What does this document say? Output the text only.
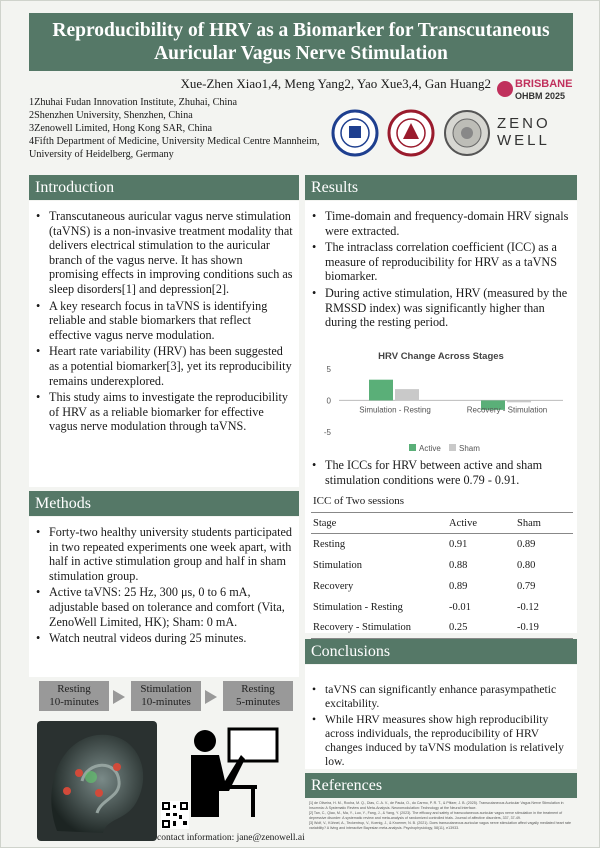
Reproducibility of HRV as a Biomarker for Transcutaneous Auricular Vagus Nerve Stimulation
Xue-Zhen Xiao1,4, Meng Yang2, Yao Xue3,4, Gan Huang2
1Zhuhai Fudan Innovation Institute, Zhuhai, China
2Shenzhen University, Shenzhen, China
3Zenowell Limited, Hong Kong SAR, China
4Fifth Department of Medicine, University Medical Centre Mannheim, University of Heidelberg, Germany
BRISBANE
OHBM 2025
ZENO
WELL
Introduction
• Transcutaneous auricular vagus nerve stimulation (taVNS) is a non-invasive treatment modality that delivers electrical stimulation to the auricular branch of the vagus nerve. It has shown promising effects in improving conditions such as sleep disorders[1] and depression[2].
• A key research focus in taVNS is identifying reliable and stable biomarkers that reflect effective vagus nerve modulation.
• Heart rate variability (HRV) has been suggested as a potential biomarker[3], yet its reproducibility remains underexplored.
• This study aims to investigate the reproducibility of HRV as a reliable biomarker for effective vagus nerve modulation through taVNS.
Methods
• Forty-two healthy university students participated in two repeated experiments one week apart, with half in active stimulation group and half in sham stimulation group.
• Active taVNS: 25 Hz, 300 μs, 0 to 6 mA, adjustable based on tolerance and comfort (Vita, ZenoWell Limited, HK); Sham: 0 mA.
• Watch neutral videos during 25 minutes.
Resting
10-minutes
Stimulation
10-minutes
Resting
5-minutes
contact information: jane@zenowell.ai
Results
• Time-domain and frequency-domain HRV signals were extracted.
• The intraclass correlation coefficient (ICC) as a measure of reproducibility for HRV as a taVNS biomarker.
• During active stimulation, HRV (measured by the RMSSD index) was significantly higher than during the resting period.
HRV Change Across Stages
5
0
-5
Simulation - Resting	Recovery - Stimulation
Active Sham
• The ICCs for HRV between active and sham stimulation conditions were 0.79 - 0.91.
ICC of Two sessions
Stage	Active	Sham
Resting	0.91	0.89
Stimulation	0.88	0.80
Recovery	0.89	0.79
Stimulation - Resting	-0.01	-0.12
Recovery - Stimulation	0.25	-0.19
Conclusions
• taVNS can significantly enhance parasympathetic excitability.
• While HRV measures show high reproducibility across individuals, the reproducibility of HRV changes induced by taVNS modulation is relatively low.
References
[1] de Oliveira, H. M., Rocha, M. Q., Dias, C. A. V., de Paula, O., do Carmo, P. R. T., & Pfitzer, J. B. (2025). Transcutaneous Auricular Vagus Nerve Stimulation in Insomnia: A Systematic Review and Meta-Analysis. Neuromodulation: Technology at the Neural Interface.
[2] Tan, C., Qiao, M., Ma, Y., Luo, Y., Fang, J., & Yang, Y. (2023). The efficacy and safety of transcutaneous auricular vagus nerve stimulation in the treatment of depressive disorder: A systematic review and meta-analysis of randomized controlled trials. Journal of affective disorders, 337, 37-49.
[3] Wolf, V., Kühnel, A., Teckentrup, V., Koenig, J., & Kroemer, N. B. (2021). Does transcutaneous auricular vagus nerve stimulation affect vagally mediated heart rate variability? A living and interactive Bayesian meta-analysis. Psychophysiology, 58(11), e13933.
